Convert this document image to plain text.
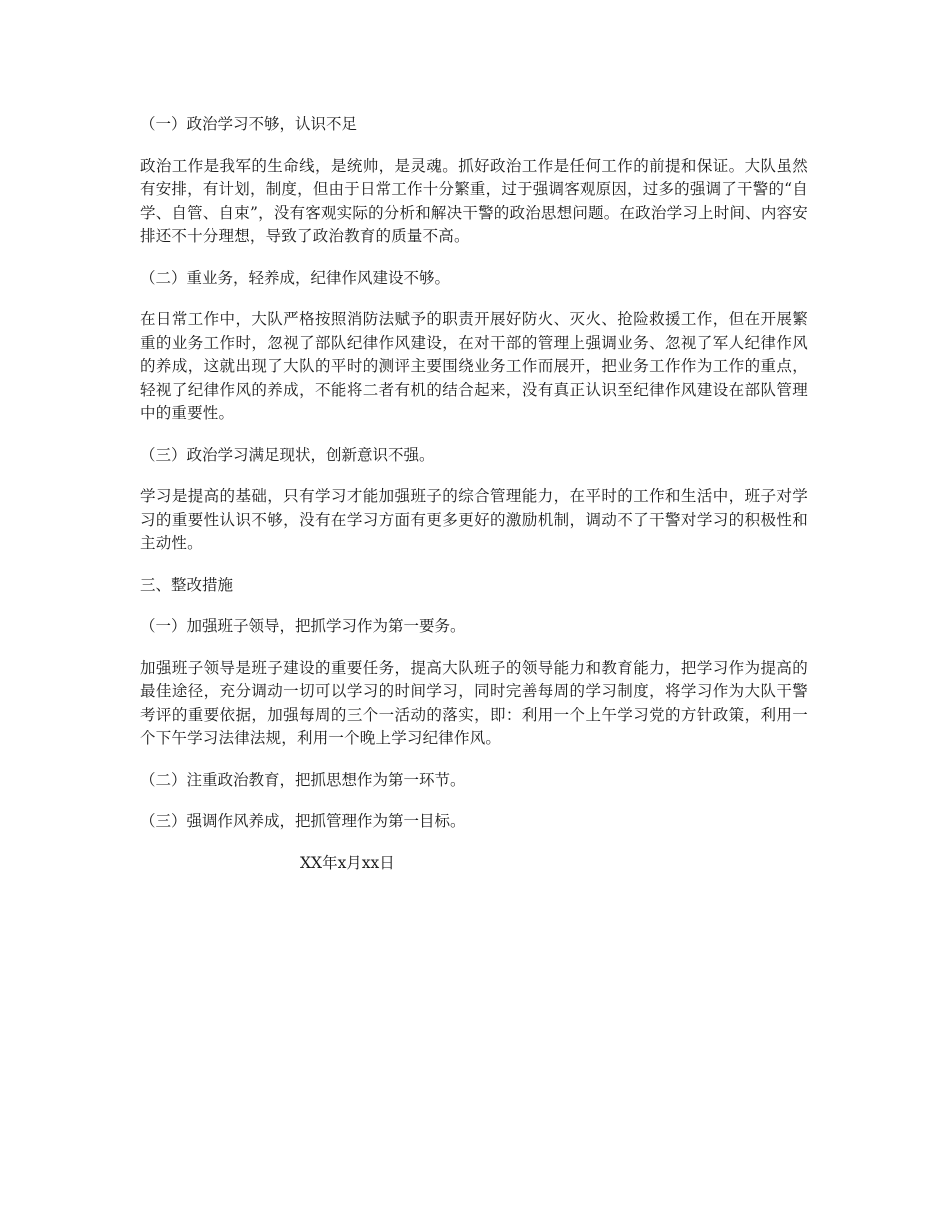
（一）政治学习不够，认识不足

政治工作是我军的生命线，是统帅，是灵魂。抓好政治工作是任何工作的前提和保证。大队虽然有安排，有计划，制度，但由于日常工作十分繁重，过于强调客观原因，过多的强调了干警的“自学、自管、自束”，没有客观实际的分析和解决干警的政治思想问题。在政治学习上时间、内容安排还不十分理想，导致了政治教育的质量不高。

（二）重业务，轻养成，纪律作风建设不够。

在日常工作中，大队严格按照消防法赋予的职责开展好防火、灭火、抢险救援工作，但在开展繁重的业务工作时，忽视了部队纪律作风建设，在对干部的管理上强调业务、忽视了军人纪律作风的养成，这就出现了大队的平时的测评主要围绕业务工作而展开，把业务工作作为工作的重点，轻视了纪律作风的养成，不能将二者有机的结合起来，没有真正认识至纪律作风建设在部队管理中的重要性。

（三）政治学习满足现状，创新意识不强。

学习是提高的基础，只有学习才能加强班子的综合管理能力，在平时的工作和生活中，班子对学习的重要性认识不够，没有在学习方面有更多更好的激励机制，调动不了干警对学习的积极性和主动性。

三、整改措施

（一）加强班子领导，把抓学习作为第一要务。

加强班子领导是班子建设的重要任务，提高大队班子的领导能力和教育能力，把学习作为提高的最佳途径，充分调动一切可以学习的时间学习，同时完善每周的学习制度，将学习作为大队干警考评的重要依据，加强每周的三个一活动的落实，即：利用一个上午学习党的方针政策，利用一个下午学习法律法规，利用一个晚上学习纪律作风。

（二）注重政治教育，把抓思想作为第一环节。

（三）强调作风养成，把抓管理作为第一目标。

XX年x月xx日
